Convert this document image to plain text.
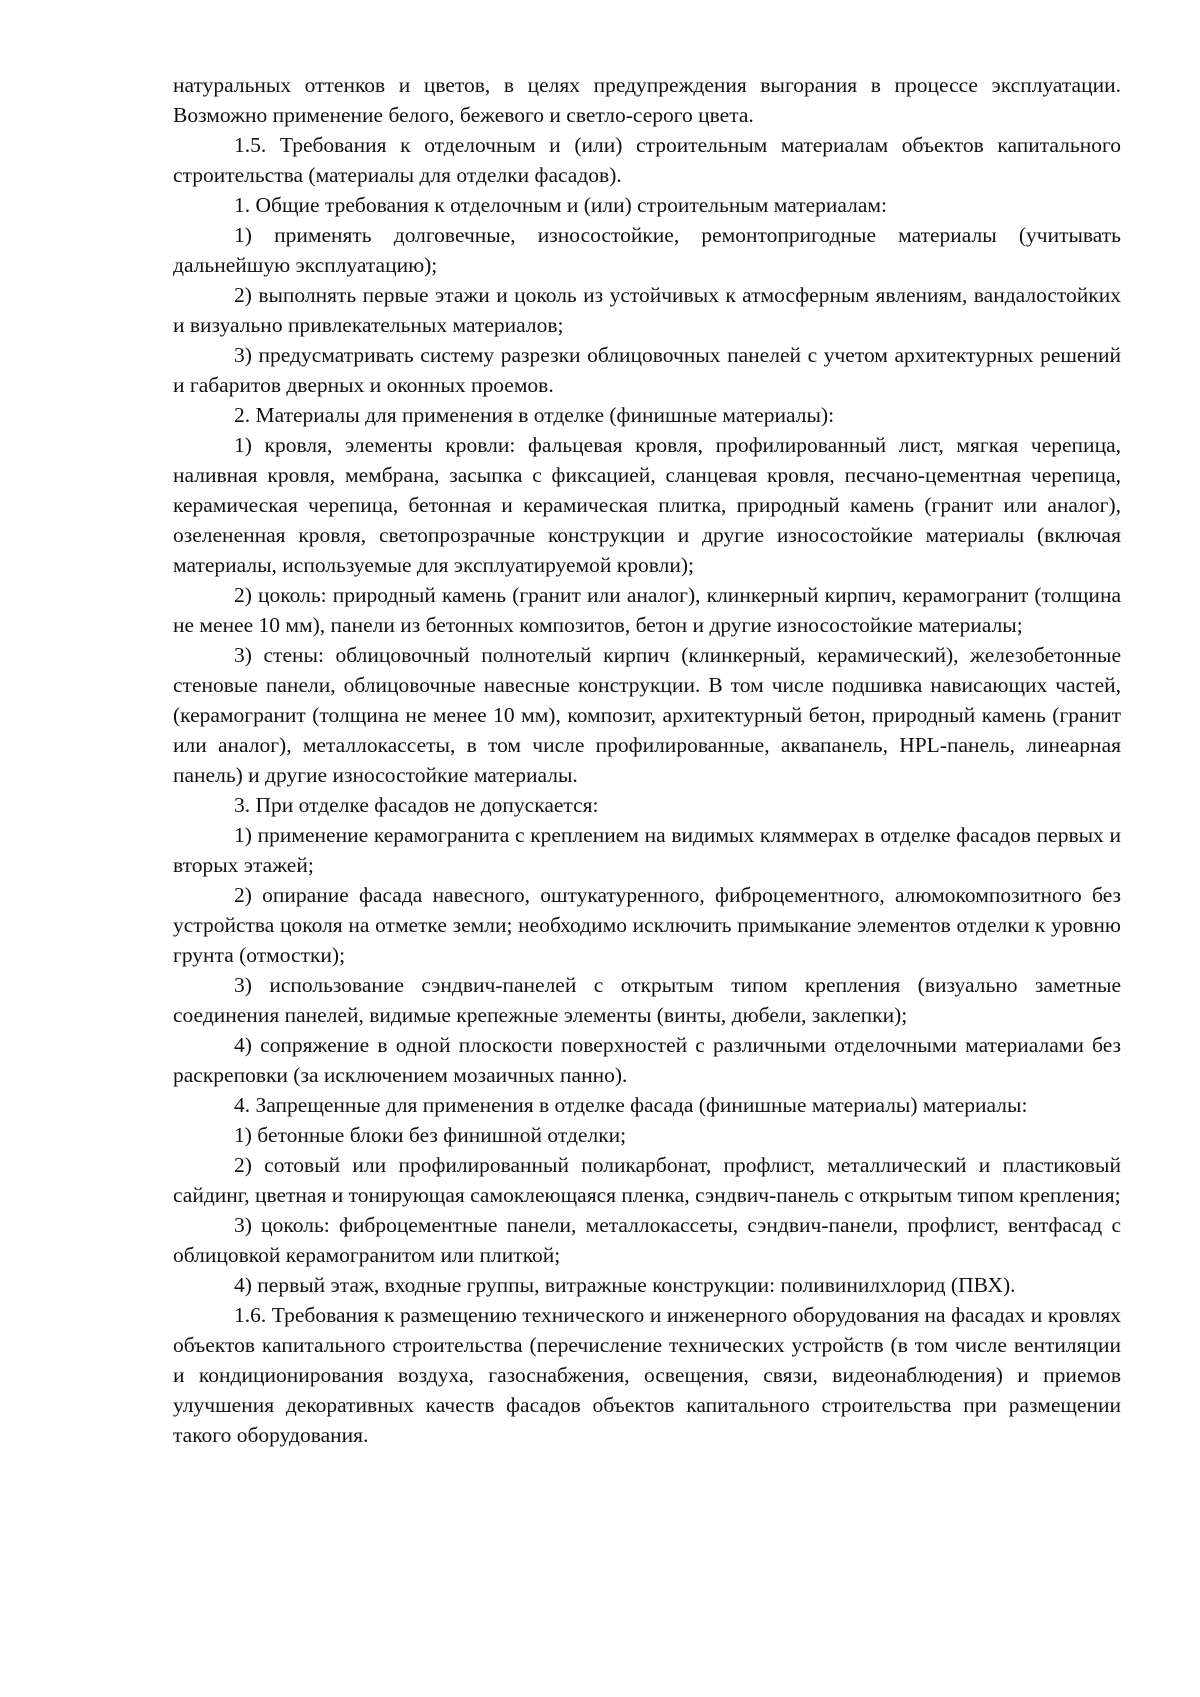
натуральных оттенков и цветов, в целях предупреждения выгорания в процессе эксплуатации. Возможно применение белого, бежевого и светло-серого цвета.

1.5. Требования к отделочным и (или) строительным материалам объектов капитального строительства (материалы для отделки фасадов).

1. Общие требования к отделочным и (или) строительным материалам:

1) применять долговечные, износостойкие, ремонтопригодные материалы (учитывать дальнейшую эксплуатацию);

2) выполнять первые этажи и цоколь из устойчивых к атмосферным явлениям, вандалостойких и визуально привлекательных материалов;

3) предусматривать систему разрезки облицовочных панелей с учетом архитектурных решений и габаритов дверных и оконных проемов.

2. Материалы для применения в отделке (финишные материалы):

1) кровля, элементы кровли: фальцевая кровля, профилированный лист, мягкая черепица, наливная кровля, мембрана, засыпка с фиксацией, сланцевая кровля, песчано-цементная черепица, керамическая черепица, бетонная и керамическая плитка, природный камень (гранит или аналог), озелененная кровля, светопрозрачные конструкции и другие износостойкие материалы (включая материалы, используемые для эксплуатируемой кровли);

2) цоколь: природный камень (гранит или аналог), клинкерный кирпич, керамогранит (толщина не менее 10 мм), панели из бетонных композитов, бетон и другие износостойкие материалы;

3) стены: облицовочный полнотелый кирпич (клинкерный, керамический), железобетонные стеновые панели, облицовочные навесные конструкции. В том числе подшивка нависающих частей, (керамогранит (толщина не менее 10 мм), композит, архитектурный бетон, природный камень (гранит или аналог), металлокассеты, в том числе профилированные, аквапанель, HPL-панель, линеарная панель) и другие износостойкие материалы.

3. При отделке фасадов не допускается:

1) применение керамогранита с креплением на видимых кляммерах в отделке фасадов первых и вторых этажей;

2) опирание фасада навесного, оштукатуренного, фиброцементного, алюмокомпозитного без устройства цоколя на отметке земли; необходимо исключить примыкание элементов отделки к уровню грунта (отмостки);

3) использование сэндвич-панелей с открытым типом крепления (визуально заметные соединения панелей, видимые крепежные элементы (винты, дюбели, заклепки);

4) сопряжение в одной плоскости поверхностей с различными отделочными материалами без раскреповки (за исключением мозаичных панно).

4. Запрещенные для применения в отделке фасада (финишные материалы) материалы:

1) бетонные блоки без финишной отделки;

2) сотовый или профилированный поликарбонат, профлист, металлический и пластиковый сайдинг, цветная и тонирующая самоклеющаяся пленка, сэндвич-панель с открытым типом крепления;

3) цоколь: фиброцементные панели, металлокассеты, сэндвич-панели, профлист, вентфасад с облицовкой керамогранитом или плиткой;

4) первый этаж, входные группы, витражные конструкции: поливинилхлорид (ПВХ).

1.6. Требования к размещению технического и инженерного оборудования на фасадах и кровлях объектов капитального строительства (перечисление технических устройств (в том числе вентиляции и кондиционирования воздуха, газоснабжения, освещения, связи, видеонаблюдения) и приемов улучшения декоративных качеств фасадов объектов капитального строительства при размещении такого оборудования.
